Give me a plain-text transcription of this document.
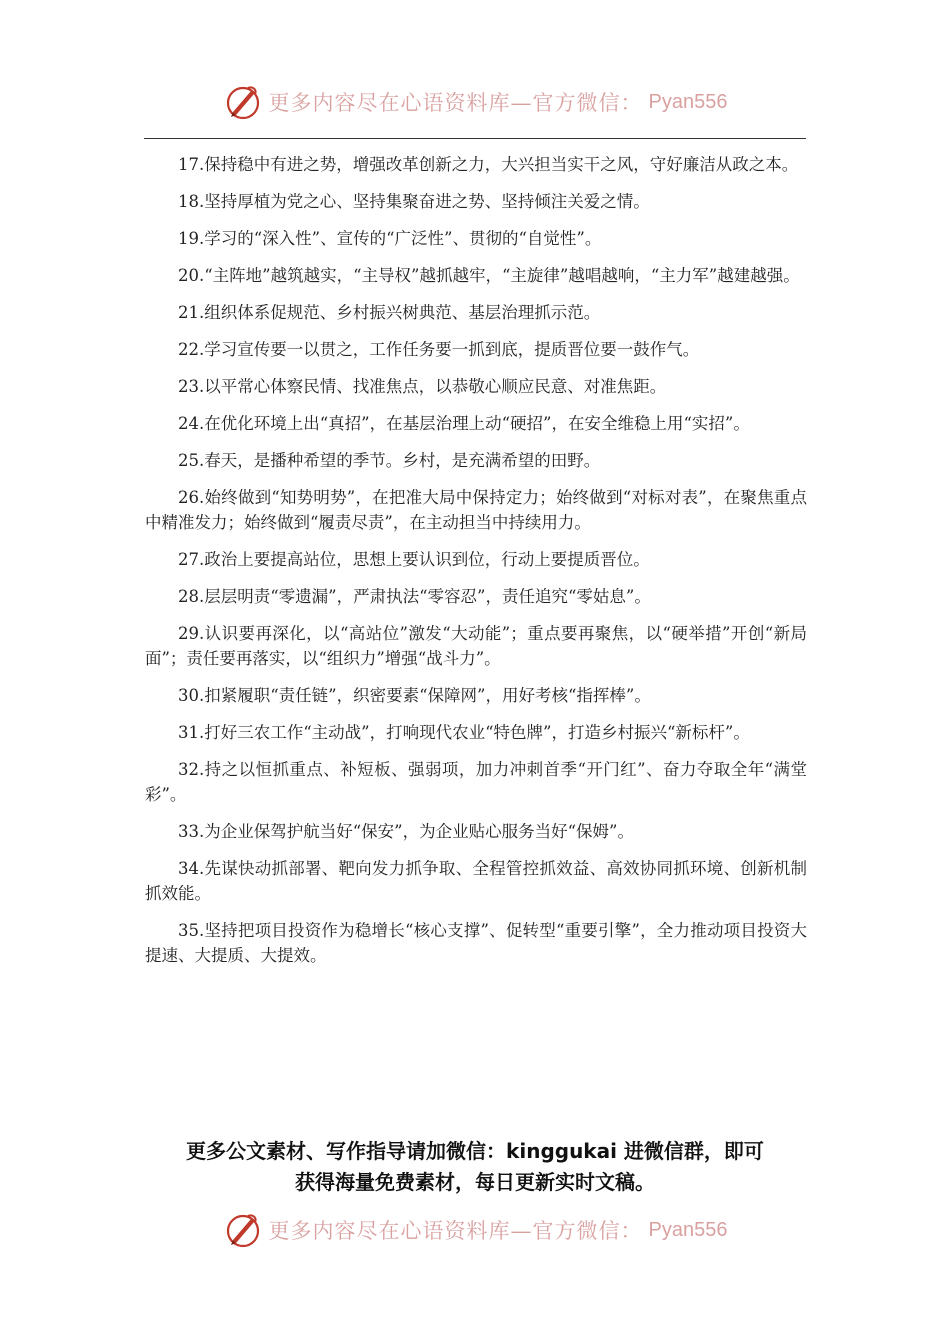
更多内容尽在心语资料库—官方微信： Pyan556

17.保持稳中有进之势，增强改革创新之力，大兴担当实干之风，守好廉洁从政之本。

18.坚持厚植为党之心、坚持集聚奋进之势、坚持倾注关爱之情。

19.学习的“深入性”、宣传的“广泛性”、贯彻的“自觉性”。

20.“主阵地”越筑越实，“主导权”越抓越牢，“主旋律”越唱越响，“主力军”越建越强。

21.组织体系促规范、乡村振兴树典范、基层治理抓示范。

22.学习宣传要一以贯之，工作任务要一抓到底，提质晋位要一鼓作气。

23.以平常心体察民情、找准焦点，以恭敬心顺应民意、对准焦距。

24.在优化环境上出“真招”，在基层治理上动“硬招”，在安全维稳上用“实招”。

25.春天，是播种希望的季节。乡村，是充满希望的田野。

26.始终做到“知势明势”，在把准大局中保持定力；始终做到“对标对表”，在聚焦重点中精准发力；始终做到“履责尽责”，在主动担当中持续用力。

27.政治上要提高站位，思想上要认识到位，行动上要提质晋位。

28.层层明责“零遗漏”，严肃执法“零容忍”，责任追究“零姑息”。

29.认识要再深化，以“高站位”激发“大动能”；重点要再聚焦，以“硬举措”开创“新局面”；责任要再落实，以“组织力”增强“战斗力”。

30.扣紧履职“责任链”，织密要素“保障网”，用好考核“指挥棒”。

31.打好三农工作“主动战”，打响现代农业“特色牌”，打造乡村振兴“新标杆”。

32.持之以恒抓重点、补短板、强弱项，加力冲刺首季“开门红”、奋力夺取全年“满堂彩”。

33.为企业保驾护航当好“保安”，为企业贴心服务当好“保姆”。

34.先谋快动抓部署、靶向发力抓争取、全程管控抓效益、高效协同抓环境、创新机制抓效能。

35.坚持把项目投资作为稳增长“核心支撑”、促转型“重要引擎”，全力推动项目投资大提速、大提质、大提效。

更多公文素材、写作指导请加微信：kinggukai 进微信群，即可
获得海量免费素材，每日更新实时文稿。
更多内容尽在心语资料库—官方微信： Pyan556
